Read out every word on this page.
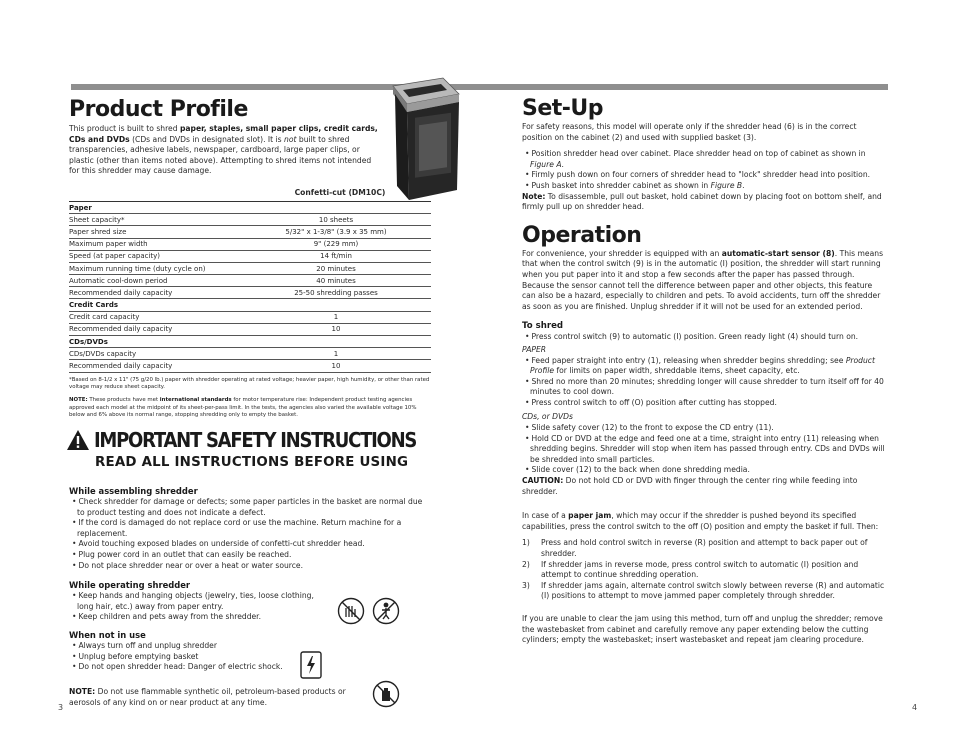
Product Profile

This product is built to shred paper, staples, small paper clips, credit cards, CDs and DVDs (CDs and DVDs in designated slot). It is not built to shred transparencies, adhesive labels, newspaper, cardboard, large paper clips, or plastic (other than items noted above). Attempting to shred items not intended for this shredder may cause damage.

Confetti-cut (DM10C)
Paper	
Sheet capacity*	10 sheets
Paper shred size	5/32" x 1-3/8" (3.9 x 35 mm)
Maximum paper width	9" (229 mm)
Speed (at paper capacity)	14 ft/min
Maximum running time (duty cycle on)	20 minutes
Automatic cool-down period	40 minutes
Recommended daily capacity	25-50 shredding passes
Credit Cards	
Credit card capacity	1
Recommended daily capacity	10
CDs/DVDs	
CDs/DVDs capacity	1
Recommended daily capacity	10

*Based on 8-1/2 x 11" (75 g/20 lb.) paper with shredder operating at rated voltage; heavier paper, high humidity, or other than rated voltage may reduce sheet capacity.

NOTE: These products have met international standards for motor temperature rise: Independent product testing agencies approved each model at the midpoint of its sheet-per-pass limit. In the tests, the agencies also varied the available voltage 10% below and 6% above its normal range, stopping shredding only to empty the basket.

IMPORTANT SAFETY INSTRUCTIONS
READ ALL INSTRUCTIONS BEFORE USING
While assembling shredder
• Check shredder for damage or defects; some paper particles in the basket are normal due to product testing and does not indicate a defect.
• If the cord is damaged do not replace cord or use the machine. Return machine for a replacement.
• Avoid touching exposed blades on underside of confetti-cut shredder head.
• Plug power cord in an outlet that can easily be reached.
• Do not place shredder near or over a heat or water source.
While operating shredder
• Keep hands and hanging objects (jewelry, ties, loose clothing, long hair, etc.) away from paper entry.
• Keep children and pets away from the shredder.
When not in use
• Always turn off and unplug shredder
• Unplug before emptying basket
• Do not open shredder head: Danger of electric shock.

NOTE: Do not use flammable synthetic oil, petroleum-based products or aerosols of any kind on or near product at any time.

3	4
Set-Up

For safety reasons, this model will operate only if the shredder head (6) is in the correct position on the cabinet (2) and used with supplied basket (3).

• Position shredder head over cabinet. Place shredder head on top of cabinet as shown in Figure A.
• Firmly push down on four corners of shredder head to "lock" shredder head into position.
• Push basket into shredder cabinet as shown in Figure B.

Note: To disassemble, pull out basket, hold cabinet down by placing foot on bottom shelf, and firmly pull up on shredder head.

Operation

For convenience, your shredder is equipped with an automatic-start sensor (8). This means that when the control switch (9) is in the automatic (I) position, the shredder will start running when you put paper into it and stop a few seconds after the paper has passed through. Because the sensor cannot tell the difference between paper and other objects, this feature can also be a hazard, especially to children and pets. To avoid accidents, turn off the shredder as soon as you are finished. Unplug shredder if it will not be used for an extended period.

To shred
• Press control switch (9) to automatic (I) position. Green ready light (4) should turn on.
PAPER
• Feed paper straight into entry (1), releasing when shredder begins shredding; see Product Profile for limits on paper width, shreddable items, sheet capacity, etc.
• Shred no more than 20 minutes; shredding longer will cause shredder to turn itself off for 40 minutes to cool down.
• Press control switch to off (O) position after cutting has stopped.
CDs, or DVDs
• Slide safety cover (12) to the front to expose the CD entry (11).
• Hold CD or DVD at the edge and feed one at a time, straight into entry (11) releasing when shredding begins. Shredder will stop when item has passed through entry. CDs and DVDs will be shredded into small particles.
• Slide cover (12) to the back when done shredding media.

CAUTION: Do not hold CD or DVD with finger through the center ring while feeding into shredder.

In case of a paper jam, which may occur if the shredder is pushed beyond its specified capabilities, press the control switch to the off (O) position and empty the basket if full. Then:

1)	Press and hold control switch in reverse (R) position and attempt to back paper out of shredder.
2)	If shredder jams in reverse mode, press control switch to automatic (I) position and attempt to continue shredding operation.
3)	If shredder jams again, alternate control switch slowly between reverse (R) and automatic (I) positions to attempt to move jammed paper completely through shredder.

If you are unable to clear the jam using this method, turn off and unplug the shredder; remove the wastebasket from cabinet and carefully remove any paper extending below the cutting cylinders; empty the wastebasket; insert wastebasket and repeat jam clearing procedure.
